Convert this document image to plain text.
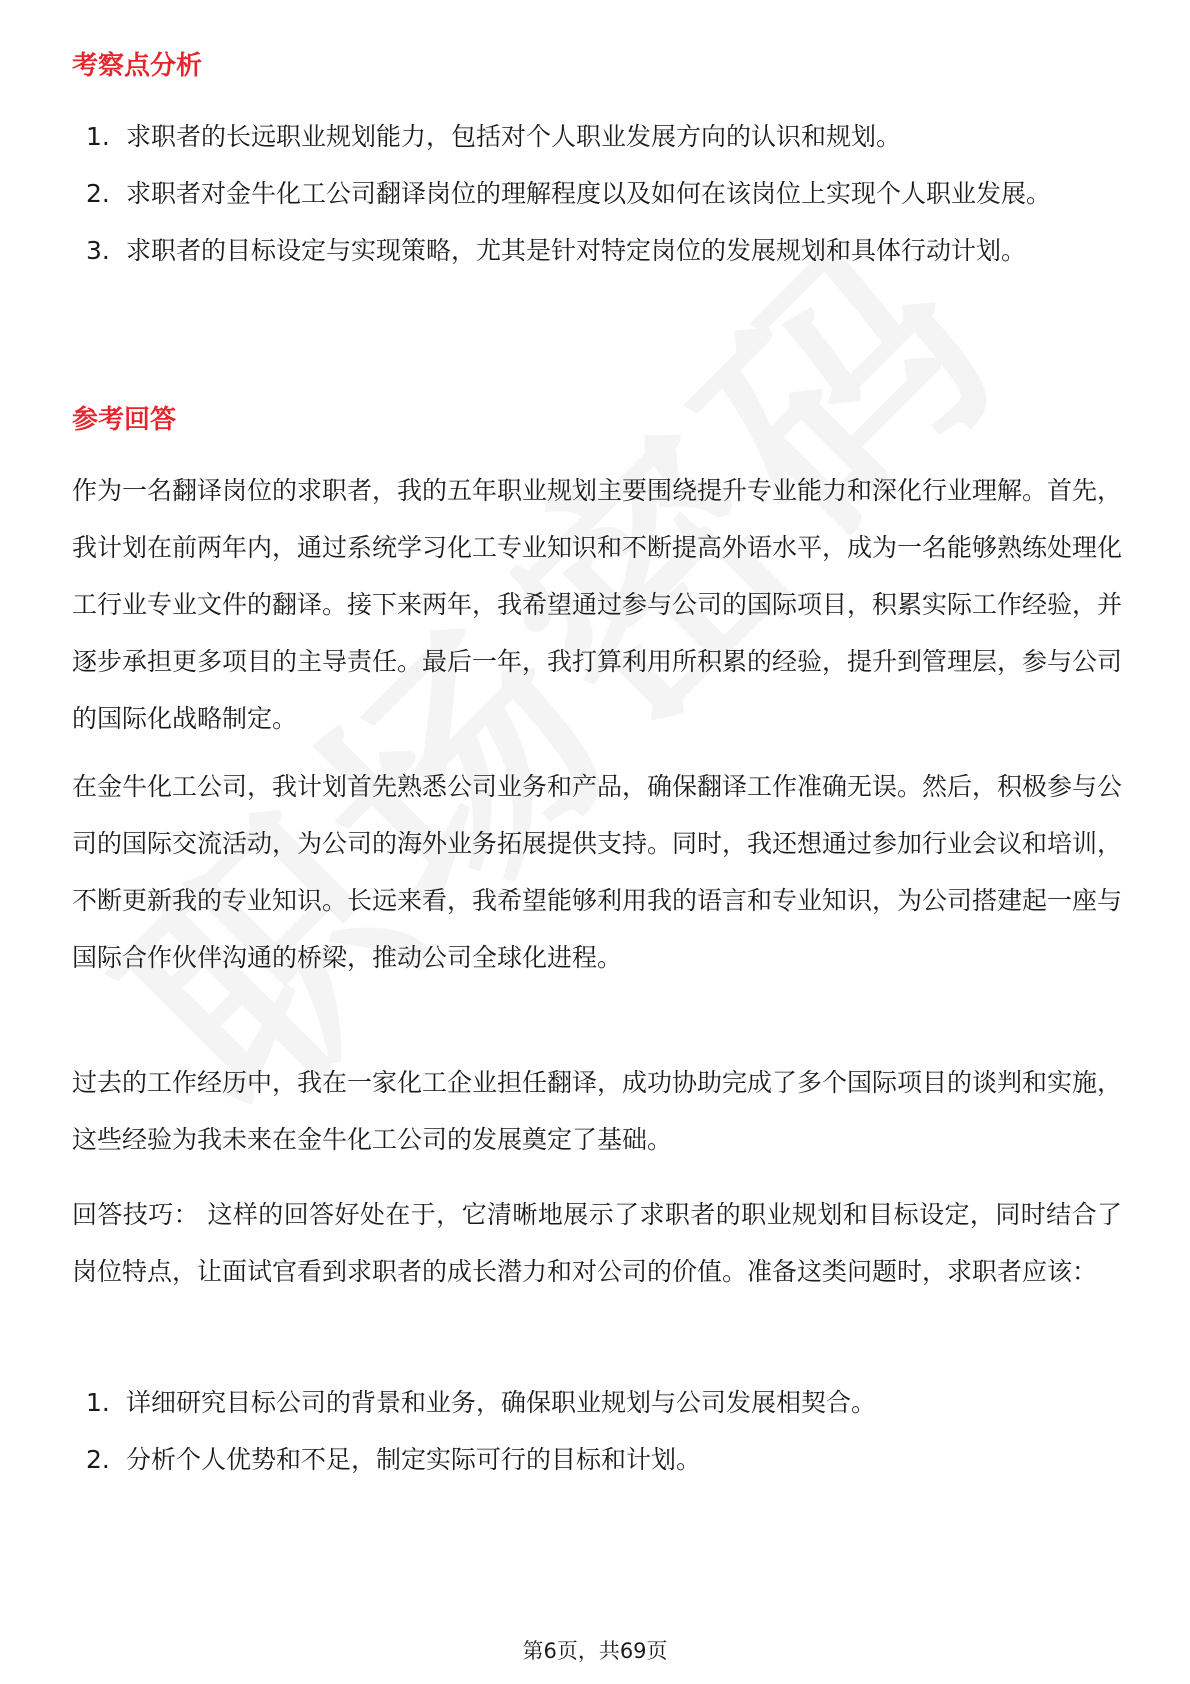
考察点分析
1. 求职者的长远职业规划能力，包括对个人职业发展方向的认识和规划。
2. 求职者对金牛化工公司翻译岗位的理解程度以及如何在该岗位上实现个人职业发展。
3. 求职者的目标设定与实现策略，尤其是针对特定岗位的发展规划和具体行动计划。
参考回答

作为一名翻译岗位的求职者，我的五年职业规划主要围绕提升专业能力和深化行业理解。首先，我计划在前两年内，通过系统学习化工专业知识和不断提高外语水平，成为一名能够熟练处理化工行业专业文件的翻译。接下来两年，我希望通过参与公司的国际项目，积累实际工作经验，并逐步承担更多项目的主导责任。最后一年，我打算利用所积累的经验，提升到管理层，参与公司的国际化战略制定。

在金牛化工公司，我计划首先熟悉公司业务和产品，确保翻译工作准确无误。然后，积极参与公司的国际交流活动，为公司的海外业务拓展提供支持。同时，我还想通过参加行业会议和培训，不断更新我的专业知识。长远来看，我希望能够利用我的语言和专业知识，为公司搭建起一座与国际合作伙伴沟通的桥梁，推动公司全球化进程。

过去的工作经历中，我在一家化工企业担任翻译，成功协助完成了多个国际项目的谈判和实施，这些经验为我未来在金牛化工公司的发展奠定了基础。

回答技巧： 这样的回答好处在于，它清晰地展示了求职者的职业规划和目标设定，同时结合了岗位特点，让面试官看到求职者的成长潜力和对公司的价值。准备这类问题时，求职者应该：

1. 详细研究目标公司的背景和业务，确保职业规划与公司发展相契合。
2. 分析个人优势和不足，制定实际可行的目标和计划。
第6页，共69页
